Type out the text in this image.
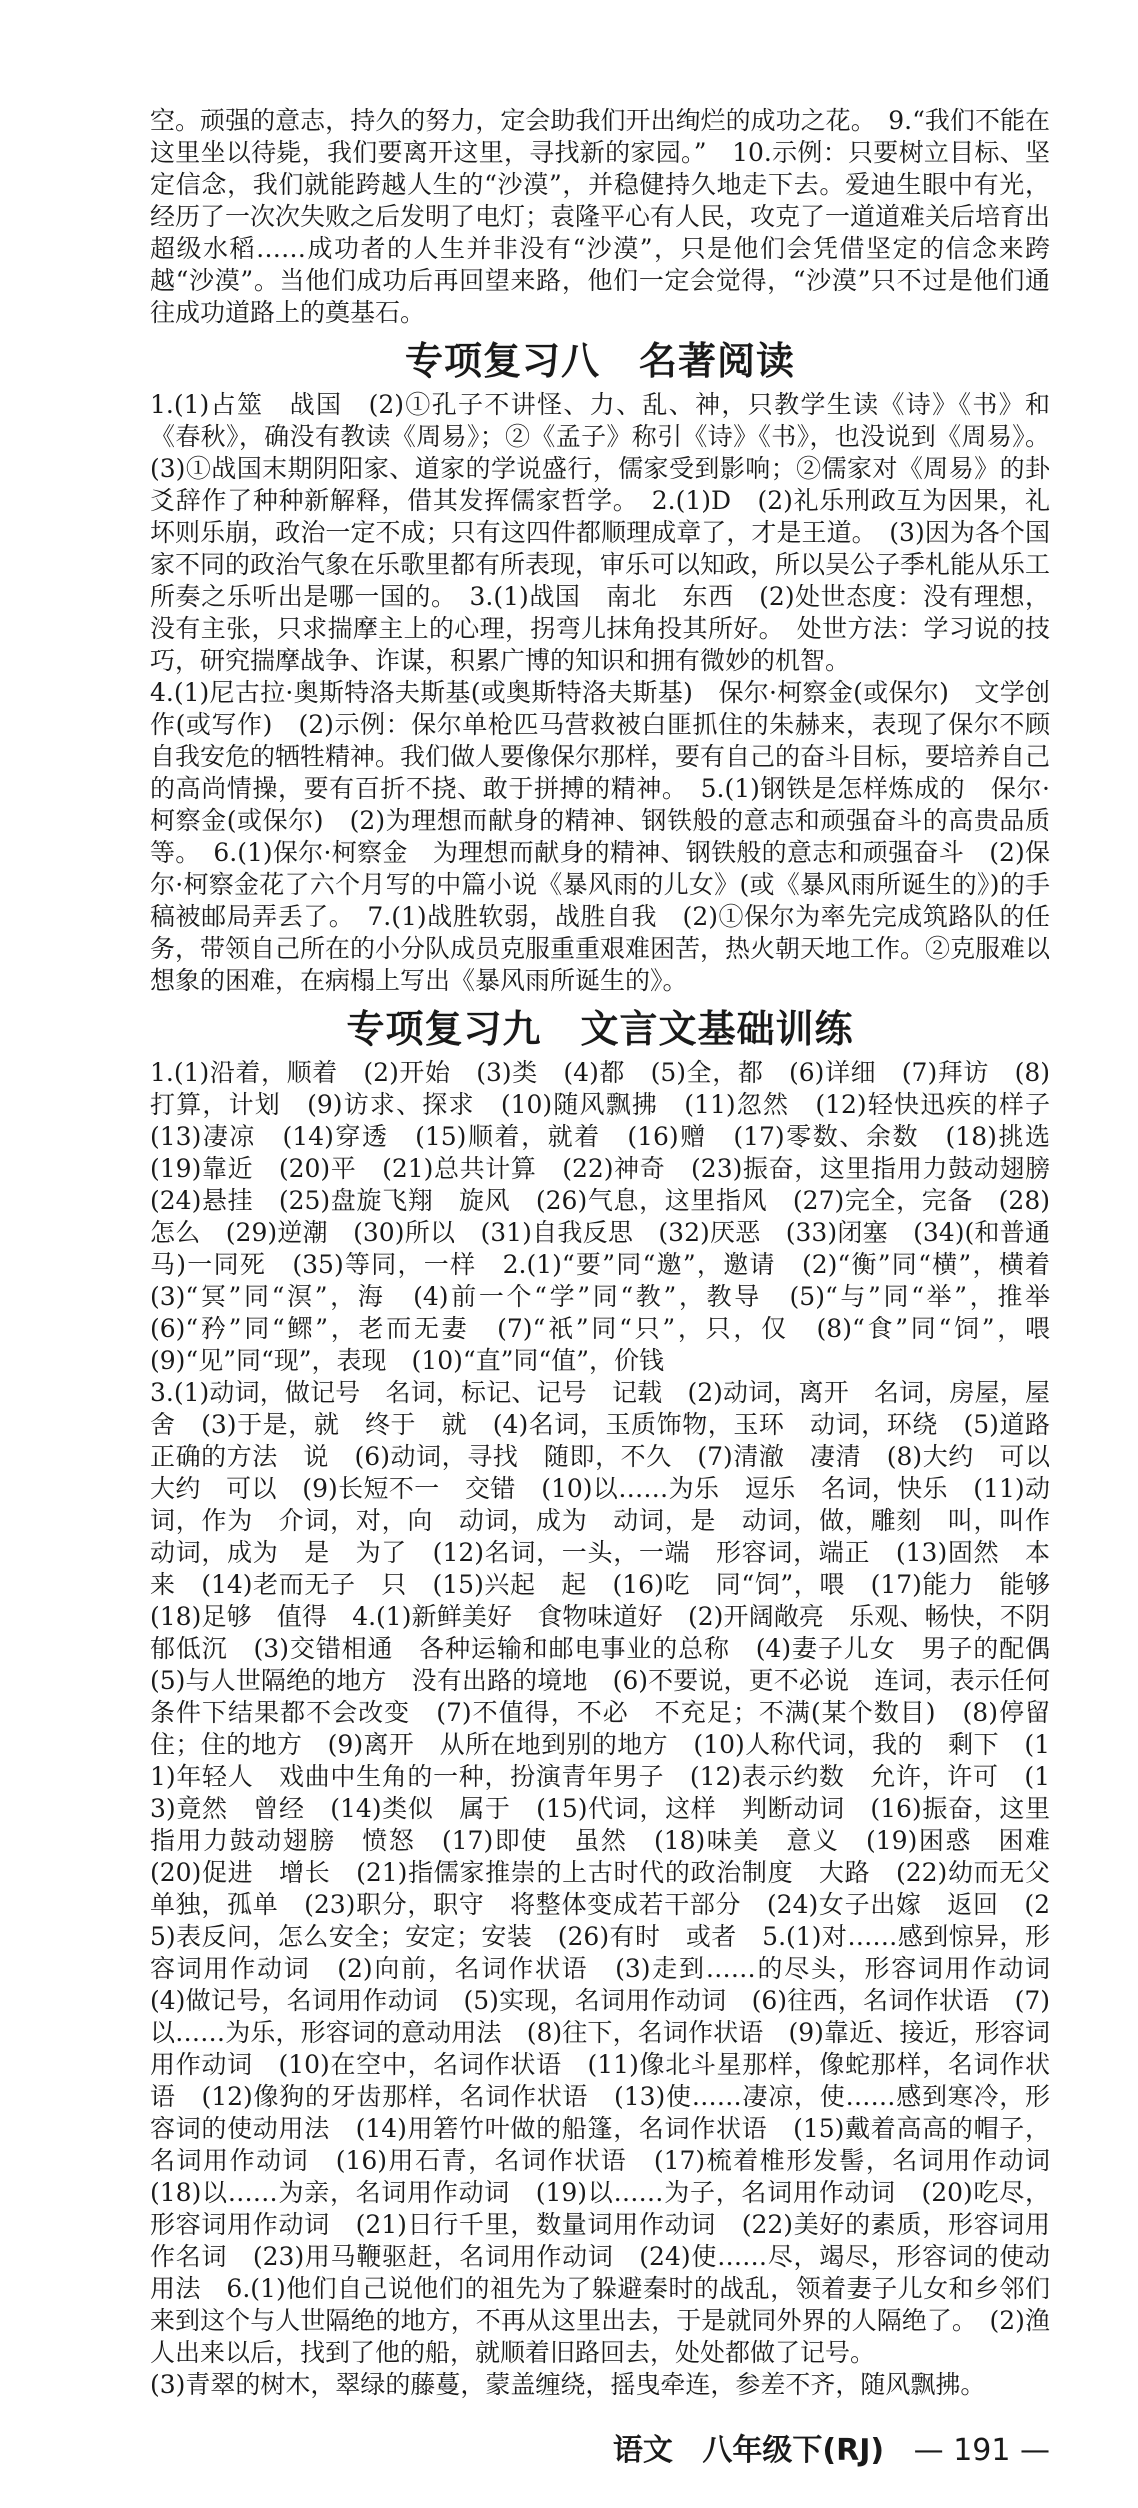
空。顽强的意志，持久的努力，定会助我们开出绚烂的成功之花。　9.“我们不能在这里坐以待毙，我们要离开这里，寻找新的家园。”　10.示例：只要树立目标、坚定信念，我们就能跨越人生的“沙漠”，并稳健持久地走下去。爱迪生眼中有光，经历了一次次失败之后发明了电灯；袁隆平心有人民，攻克了一道道难关后培育出超级水稻……成功者的人生并非没有“沙漠”，只是他们会凭借坚定的信念来跨越“沙漠”。当他们成功后再回望来路，他们一定会觉得，“沙漠”只不过是他们通往成功道路上的奠基石。

专项复习八　名著阅读

1.(1)占筮　战国　(2)①孔子不讲怪、力、乱、神，只教学生读《诗》《书》和《春秋》，确没有教读《周易》；②《孟子》称引《诗》《书》，也没说到《周易》。(3)①战国末期阴阳家、道家的学说盛行，儒家受到影响；②儒家对《周易》的卦爻辞作了种种新解释，借其发挥儒家哲学。　2.(1)D　(2)礼乐刑政互为因果，礼坏则乐崩，政治一定不成；只有这四件都顺理成章了，才是王道。　(3)因为各个国家不同的政治气象在乐歌里都有所表现，审乐可以知政，所以吴公子季札能从乐工所奏之乐听出是哪一国的。　3.(1)战国　南北　东西　(2)处世态度：没有理想，没有主张，只求揣摩主上的心理，拐弯儿抹角投其所好。　处世方法：学习说的技巧，研究揣摩战争、诈谋，积累广博的知识和拥有微妙的机智。

4.(1)尼古拉·奥斯特洛夫斯基(或奥斯特洛夫斯基)　保尔·柯察金(或保尔)　文学创作(或写作)　(2)示例：保尔单枪匹马营救被白匪抓住的朱赫来，表现了保尔不顾自我安危的牺牲精神。我们做人要像保尔那样，要有自己的奋斗目标，要培养自己的高尚情操，要有百折不挠、敢于拼搏的精神。　5.(1)钢铁是怎样炼成的　保尔·柯察金(或保尔)　(2)为理想而献身的精神、钢铁般的意志和顽强奋斗的高贵品质等。　6.(1)保尔·柯察金　为理想而献身的精神、钢铁般的意志和顽强奋斗　(2)保尔·柯察金花了六个月写的中篇小说《暴风雨的儿女》(或《暴风雨所诞生的》)的手稿被邮局弄丢了。　7.(1)战胜软弱，战胜自我　(2)①保尔为率先完成筑路队的任务，带领自己所在的小分队成员克服重重艰难困苦，热火朝天地工作。②克服难以想象的困难，在病榻上写出《暴风雨所诞生的》。

专项复习九　文言文基础训练

1.(1)沿着，顺着　(2)开始　(3)类　(4)都　(5)全，都　(6)详细　(7)拜访　(8)打算，计划　(9)访求、探求　(10)随风飘拂　(11)忽然　(12)轻快迅疾的样子　(13)凄凉　(14)穿透　(15)顺着，就着　(16)赠　(17)零数、余数　(18)挑选　(19)靠近　(20)平　(21)总共计算　(22)神奇　(23)振奋，这里指用力鼓动翅膀　(24)悬挂　(25)盘旋飞翔　旋风　(26)气息，这里指风　(27)完全，完备　(28)怎么　(29)逆潮　(30)所以　(31)自我反思　(32)厌恶　(33)闭塞　(34)(和普通马)一同死　(35)等同，一样　2.(1)“要”同“邀”，邀请　(2)“衡”同“横”，横着　(3)“冥”同“溟”，海　(4)前一个“学”同“教”，教导　(5)“与”同“举”，推举　(6)“矜”同“鳏”，老而无妻　(7)“祇”同“只”，只，仅　(8)“食”同“饲”，喂　(9)“见”同“现”，表现　(10)“直”同“值”，价钱

3.(1)动词，做记号　名词，标记、记号　记载　(2)动词，离开　名词，房屋，屋舍　(3)于是，就　终于　就　(4)名词，玉质饰物，玉环　动词，环绕　(5)道路　正确的方法　说　(6)动词，寻找　随即，不久　(7)清澈　凄清　(8)大约　可以　大约　可以　(9)长短不一　交错　(10)以……为乐　逗乐　名词，快乐　(11)动词，作为　介词，对，向　动词，成为　动词，是　动词，做，雕刻　叫，叫作　动词，成为　是　为了　(12)名词，一头，一端　形容词，端正　(13)固然　本来　(14)老而无子　只　(15)兴起　起　(16)吃　同“饲”，喂　(17)能力　能够　(18)足够　值得　4.(1)新鲜美好　食物味道好　(2)开阔敞亮　乐观、畅快，不阴郁低沉　(3)交错相通　各种运输和邮电事业的总称　(4)妻子儿女　男子的配偶　(5)与人世隔绝的地方　没有出路的境地　(6)不要说，更不必说　连词，表示任何条件下结果都不会改变　(7)不值得，不必　不充足；不满(某个数目)　(8)停留　住；住的地方　(9)离开　从所在地到别的地方　(10)人称代词，我的　剩下　(11)年轻人　戏曲中生角的一种，扮演青年男子　(12)表示约数　允许，许可　(13)竟然　曾经　(14)类似　属于　(15)代词，这样　判断动词　(16)振奋，这里指用力鼓动翅膀　愤怒　(17)即使　虽然　(18)味美　意义　(19)困惑　困难　(20)促进　增长　(21)指儒家推崇的上古时代的政治制度　大路　(22)幼而无父　单独，孤单　(23)职分，职守　将整体变成若干部分　(24)女子出嫁　返回　(25)表反问，怎么安全；安定；安装　(26)有时　或者　5.(1)对……感到惊异，形容词用作动词　(2)向前，名词作状语　(3)走到……的尽头，形容词用作动词　(4)做记号，名词用作动词　(5)实现，名词用作动词　(6)往西，名词作状语　(7)以……为乐，形容词的意动用法　(8)往下，名词作状语　(9)靠近、接近，形容词用作动词　(10)在空中，名词作状语　(11)像北斗星那样，像蛇那样，名词作状语　(12)像狗的牙齿那样，名词作状语　(13)使……凄凉，使……感到寒冷，形容词的使动用法　(14)用箬竹叶做的船篷，名词作状语　(15)戴着高高的帽子，名词用作动词　(16)用石青，名词作状语　(17)梳着椎形发髻，名词用作动词　(18)以……为亲，名词用作动词　(19)以……为子，名词用作动词　(20)吃尽，形容词用作动词　(21)日行千里，数量词用作动词　(22)美好的素质，形容词用作名词　(23)用马鞭驱赶，名词用作动词　(24)使……尽，竭尽，形容词的使动用法　6.(1)他们自己说他们的祖先为了躲避秦时的战乱，领着妻子儿女和乡邻们来到这个与人世隔绝的地方，不再从这里出去，于是就同外界的人隔绝了。　(2)渔人出来以后，找到了他的船，就顺着旧路回去，处处都做了记号。

(3)青翠的树木，翠绿的藤蔓，蒙盖缠绕，摇曳牵连，参差不齐，随风飘拂。

语文 八年级下(RJ) — 191 —
